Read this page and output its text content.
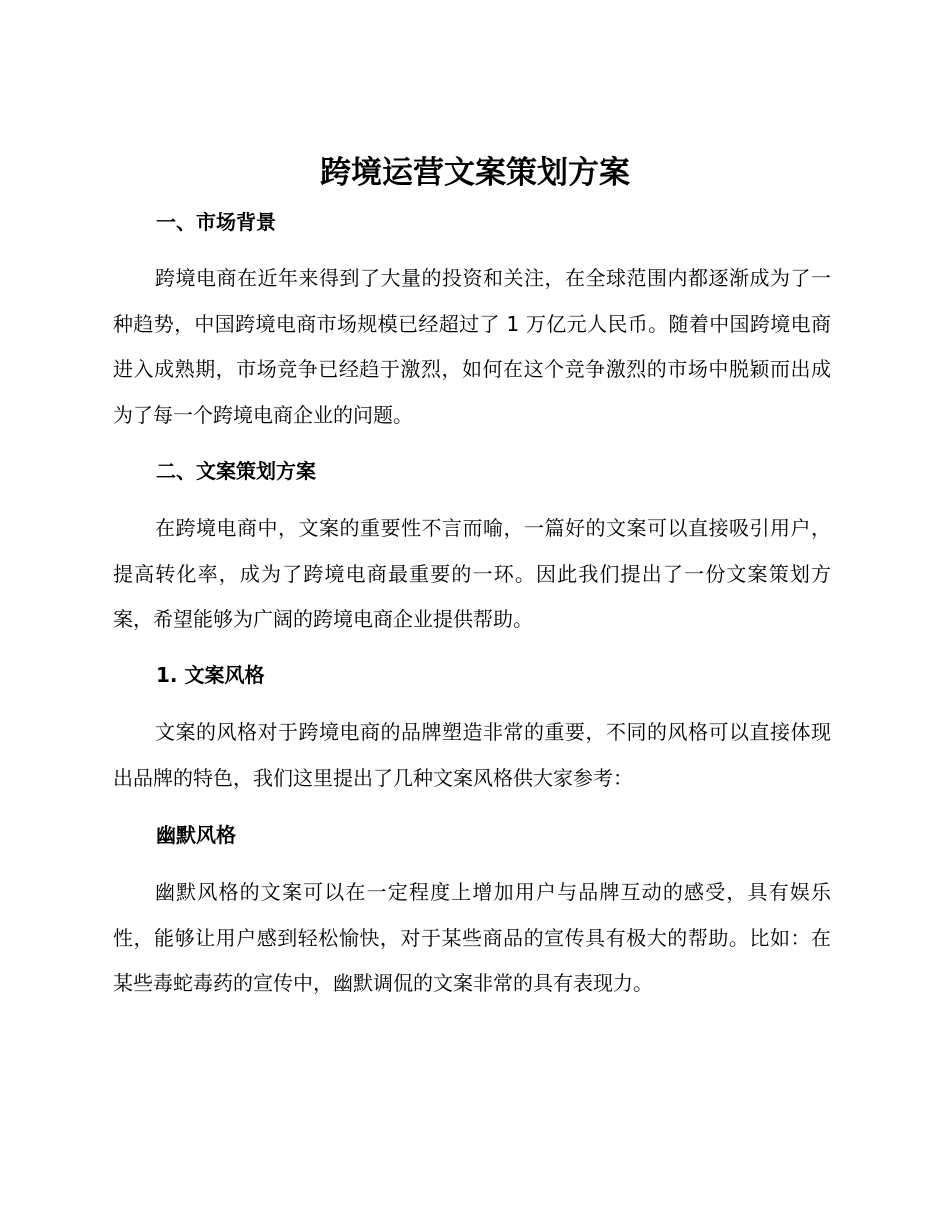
跨境运营文案策划方案
一、市场背景

跨境电商在近年来得到了大量的投资和关注，在全球范围内都逐渐成为了一种趋势，中国跨境电商市场规模已经超过了 1 万亿元人民币。随着中国跨境电商进入成熟期，市场竞争已经趋于激烈，如何在这个竞争激烈的市场中脱颖而出成为了每一个跨境电商企业的问题。

二、文案策划方案

在跨境电商中，文案的重要性不言而喻，一篇好的文案可以直接吸引用户，提高转化率，成为了跨境电商最重要的一环。因此我们提出了一份文案策划方案，希望能够为广阔的跨境电商企业提供帮助。

1. 文案风格

文案的风格对于跨境电商的品牌塑造非常的重要，不同的风格可以直接体现出品牌的特色，我们这里提出了几种文案风格供大家参考：

幽默风格

幽默风格的文案可以在一定程度上增加用户与品牌互动的感受，具有娱乐性，能够让用户感到轻松愉快，对于某些商品的宣传具有极大的帮助。比如：在某些毒蛇毒药的宣传中，幽默调侃的文案非常的具有表现力。
